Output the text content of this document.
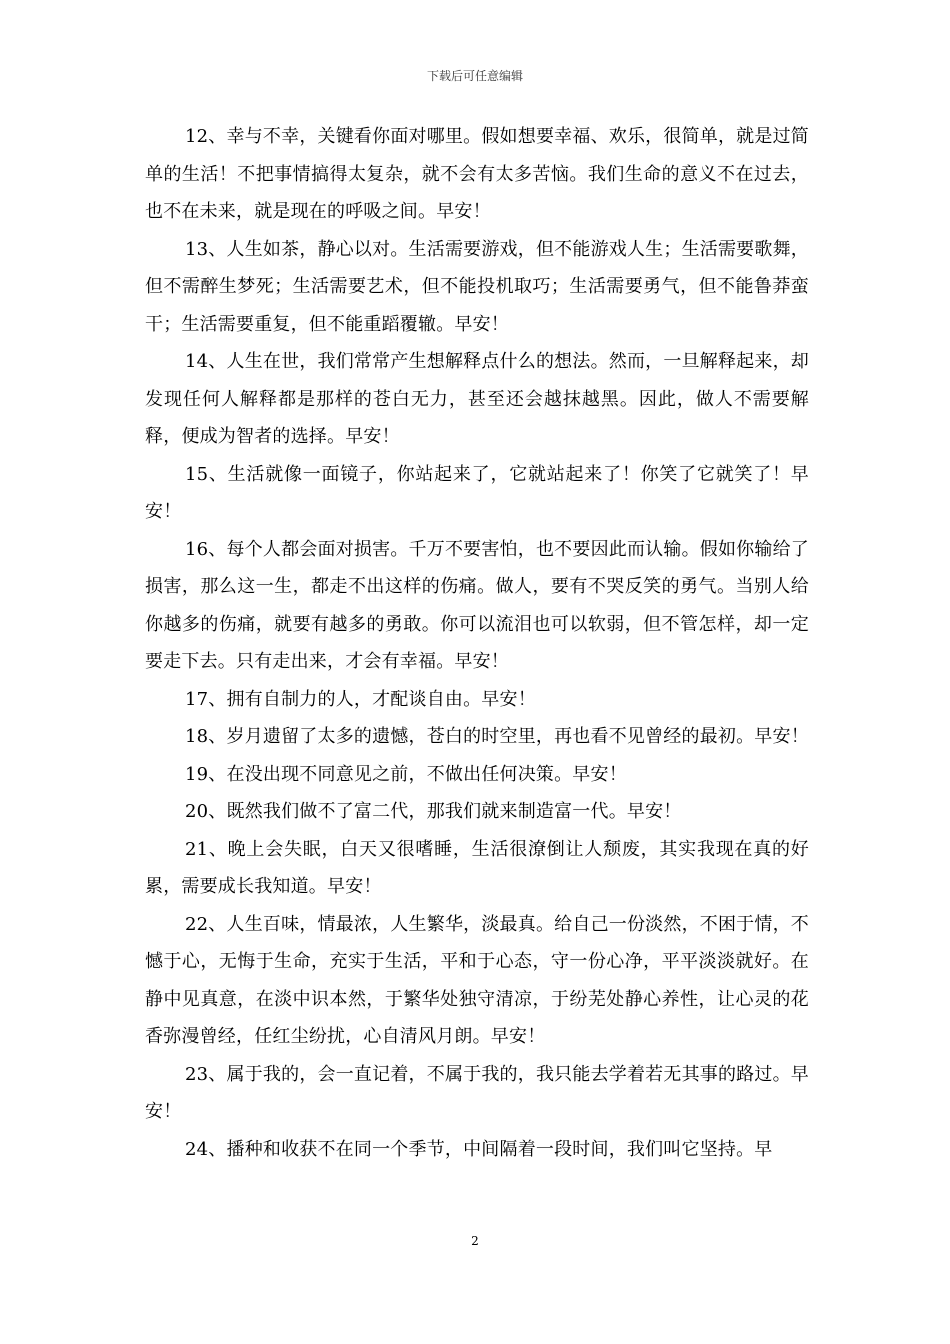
下载后可任意编辑

12、幸与不幸，关键看你面对哪里。假如想要幸福、欢乐，很简单，就是过简单的生活！不把事情搞得太复杂，就不会有太多苦恼。我们生命的意义不在过去，也不在未来，就是现在的呼吸之间。早安！

13、人生如茶，静心以对。生活需要游戏，但不能游戏人生；生活需要歌舞，但不需醉生梦死；生活需要艺术，但不能投机取巧；生活需要勇气，但不能鲁莽蛮干；生活需要重复，但不能重蹈覆辙。早安！

14、人生在世，我们常常产生想解释点什么的想法。然而，一旦解释起来，却发现任何人解释都是那样的苍白无力，甚至还会越抹越黑。因此，做人不需要解释，便成为智者的选择。早安！

15、生活就像一面镜子，你站起来了，它就站起来了！你笑了它就笑了！早安！

16、每个人都会面对损害。千万不要害怕，也不要因此而认输。假如你输给了损害，那么这一生，都走不出这样的伤痛。做人，要有不哭反笑的勇气。当别人给你越多的伤痛，就要有越多的勇敢。你可以流泪也可以软弱，但不管怎样，却一定要走下去。只有走出来，才会有幸福。早安！

17、拥有自制力的人，才配谈自由。早安！

18、岁月遗留了太多的遗憾，苍白的时空里，再也看不见曾经的最初。早安！

19、在没出现不同意见之前，不做出任何决策。早安！

20、既然我们做不了富二代，那我们就来制造富一代。早安！

21、晚上会失眠，白天又很嗜睡，生活很潦倒让人颓废，其实我现在真的好累，需要成长我知道。早安！

22、人生百味，情最浓，人生繁华，淡最真。给自己一份淡然，不困于情，不憾于心，无悔于生命，充实于生活，平和于心态，守一份心净，平平淡淡就好。在静中见真意，在淡中识本然，于繁华处独守清凉，于纷芜处静心养性，让心灵的花香弥漫曾经，任红尘纷扰，心自清风月朗。早安！

23、属于我的，会一直记着，不属于我的，我只能去学着若无其事的路过。早安！

24、播种和收获不在同一个季节，中间隔着一段时间，我们叫它坚持。早

2
